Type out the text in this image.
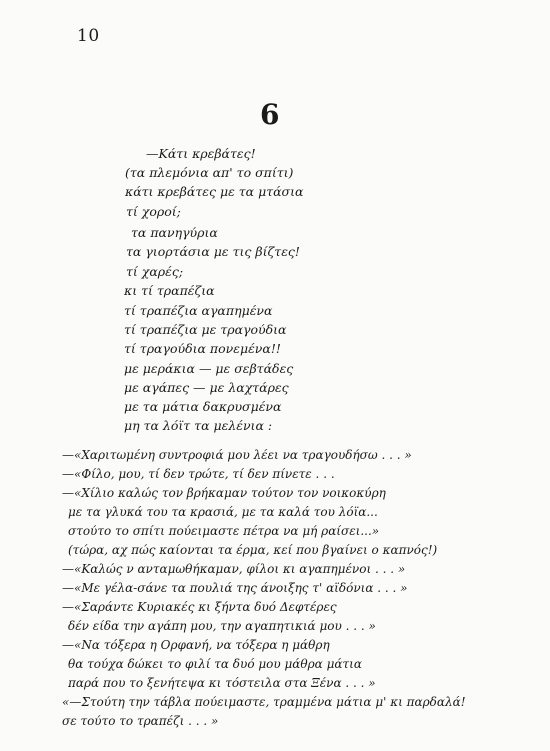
10
6
—Κάτι κρεβάτες!
(τα πλεμόνια απ' το σπίτι)
κάτι κρεβάτες με τα μτάσια
τί χοροί;
τα πανηγύρια
τα γιορτάσια με τις βίζτες!
τί χαρές;
κι τί τραπέζια
τί τραπέζια αγαπημένα
τί τραπέζια με τραγούδια
τί τραγούδια πονεμένα!!
με μεράκια — με σεβτάδες
με αγάπες — με λαχτάρες
με τα μάτια δακρυσμένα
μη τα λόϊτ τα μελένια :
—«Χαριτωμένη συντροφιά μου λέει να τραγουδήσω . . . »
—«Φίλο, μου, τί δεν τρώτε, τί δεν πίνετε . . .
—«Χίλιο καλώς τον βρήκαμαν τούτον τον νοικοκύρη
με τα γλυκά του τα κρασιά, με τα καλά του λόϊα...
στούτο το σπίτι πούειμαστε πέτρα να μή ραίσει...»
(τώρα, αχ πώς καίονται τα έρμα, κεί που βγαίνει ο καπνός!)
—«Καλώς ν ανταμωθήκαμαν, φίλοι κι αγαπημένοι . . . »
—«Με γέλα-σάνε τα πουλιά της άνοιξης τ' αϊδόνια . . . »
—«Σαράντε Κυριακές κι ξήντα δυό Δεφτέρες
δέν είδα την αγάπη μου, την αγαπητικιά μου . . . »
—«Να τόξερα η Ορφανή, να τόξερα η μάθρη
θα τούχα δώκει το φιλί τα δυό μου μάθρα μάτια
παρά που το ξενήτεψα κι τόστειλα στα Ξένα . . . »
«—Στούτη την τάβλα πούειμαστε, τραμμένα μάτια μ' κι παρδαλά!
σε τούτο το τραπέζι . . . »
